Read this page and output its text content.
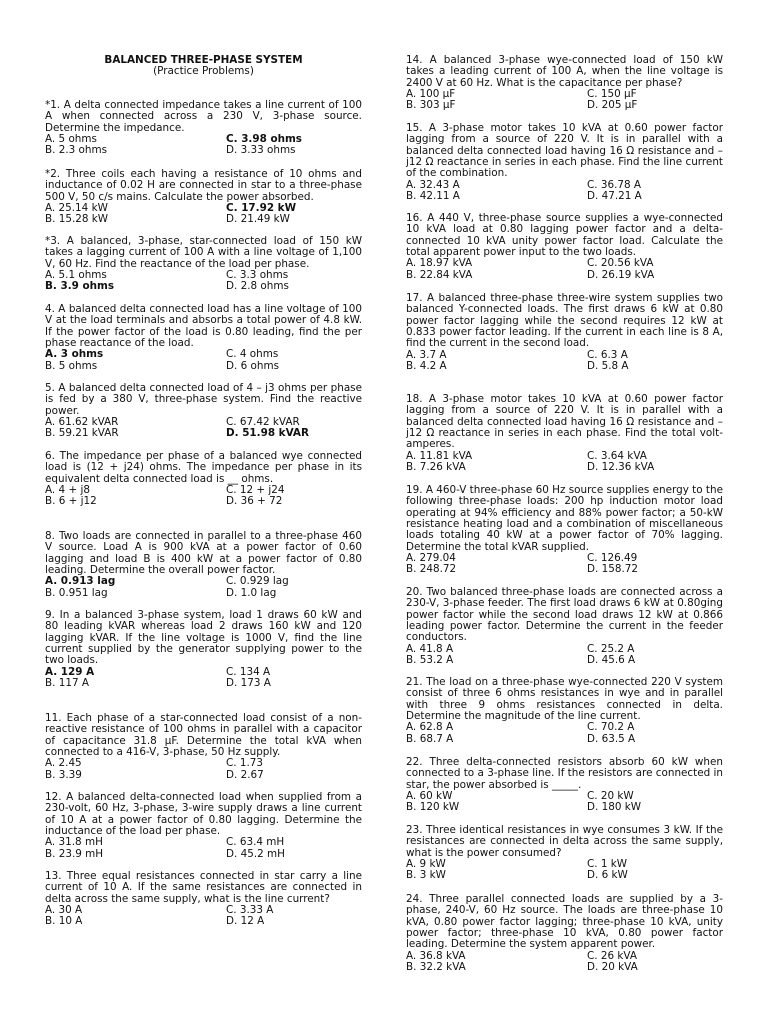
BALANCED THREE-PHASE SYSTEM
(Practice Problems)
*1. A delta connected impedance takes a line current of 100 A when connected across a 230 V, 3-phase source. Determine the impedance.
A. 5 ohms	C. 3.98 ohms
B. 2.3 ohms	D. 3.33 ohms
*2. Three coils each having a resistance of 10 ohms and inductance of 0.02 H are connected in star to a three-phase 500 V, 50 c/s mains. Calculate the power absorbed.
A. 25.14 kW	C. 17.92 kW
B. 15.28 kW	D. 21.49 kW
*3. A balanced, 3-phase, star-connected load of 150 kW takes a lagging current of 100 A with a line voltage of 1,100 V, 60 Hz. Find the reactance of the load per phase.
A. 5.1 ohms	C. 3.3 ohms
B. 3.9 ohms	D. 2.8 ohms
4. A balanced delta connected load has a line voltage of 100 V at the load terminals and absorbs a total power of 4.8 kW. If the power factor of the load is 0.80 leading, find the per phase reactance of the load.
A. 3 ohms	C. 4 ohms
B. 5 ohms	D. 6 ohms
5. A balanced delta connected load of 4 – j3 ohms per phase is fed by a 380 V, three-phase system. Find the reactive power.
A. 61.62 kVAR	C. 67.42 kVAR
B. 59.21 kVAR	D. 51.98 kVAR
6. The impedance per phase of a balanced wye connected load is (12 + j24) ohms. The impedance per phase in its equivalent delta connected load is __ ohms.
A. 4 + j8	C. 12 + j24
B. 6 + j12	D. 36 + 72
8. Two loads are connected in parallel to a three-phase 460 V source. Load A is 900 kVA at a power factor of 0.60 lagging and load B is 400 kW at a power factor of 0.80 leading. Determine the overall power factor.
A. 0.913 lag	C. 0.929 lag
B. 0.951 lag	D. 1.0 lag
9. In a balanced 3-phase system, load 1 draws 60 kW and 80 leading kVAR whereas load 2 draws 160 kW and 120 lagging kVAR. If the line voltage is 1000 V, find the line current supplied by the generator supplying power to the two loads.
A. 129 A	C. 134 A
B. 117 A	D. 173 A
11. Each phase of a star-connected load consist of a non-reactive resistance of 100 ohms in parallel with a capacitor of capacitance 31.8 μF. Determine the total kVA when connected to a 416-V, 3-phase, 50 Hz supply.
A. 2.45	C. 1.73
B. 3.39	D. 2.67
12. A balanced delta-connected load when supplied from a 230-volt, 60 Hz, 3-phase, 3-wire supply draws a line current of 10 A at a power factor of 0.80 lagging. Determine the inductance of the load per phase.
A. 31.8 mH	C. 63.4 mH
B. 23.9 mH	D. 45.2 mH
13. Three equal resistances connected in star carry a line current of 10 A. If the same resistances are connected in delta across the same supply, what is the line current?
A. 30 A	C. 3.33 A
B. 10 A	D. 12 A
14. A balanced 3-phase wye-connected load of 150 kW takes a leading current of 100 A, when the line voltage is 2400 V at 60 Hz. What is the capacitance per phase?
A. 100 μF	C. 150 μF
B. 303 μF	D. 205 μF
15. A 3-phase motor takes 10 kVA at 0.60 power factor lagging from a source of 220 V. It is in parallel with a balanced delta connected load having 16 Ω resistance and –j12 Ω reactance in series in each phase. Find the line current of the combination.
A. 32.43 A	C. 36.78 A
B. 42.11 A	D. 47.21 A
16. A 440 V, three-phase source supplies a wye-connected 10 kVA load at 0.80 lagging power factor and a delta-connected 10 kVA unity power factor load. Calculate the total apparent power input to the two loads.
A. 18.97 kVA	C. 20.56 kVA
B. 22.84 kVA	D. 26.19 kVA
17. A balanced three-phase three-wire system supplies two balanced Y-connected loads. The first draws 6 kW at 0.80 power factor lagging while the second requires 12 kW at 0.833 power factor leading. If the current in each line is 8 A, find the current in the second load.
A. 3.7 A	C. 6.3 A
B. 4.2 A	D. 5.8 A
18. A 3-phase motor takes 10 kVA at 0.60 power factor lagging from a source of 220 V. It is in parallel with a balanced delta connected load having 16 Ω resistance and –j12 Ω reactance in series in each phase. Find the total volt-amperes.
A. 11.81 kVA	C. 3.64 kVA
B. 7.26 kVA	D. 12.36 kVA
19. A 460-V three-phase 60 Hz source supplies energy to the following three-phase loads: 200 hp induction motor load operating at 94% efficiency and 88% power factor; a 50-kW resistance heating load and a combination of miscellaneous loads totaling 40 kW at a power factor of 70% lagging. Determine the total kVAR supplied.
A. 279.04	C. 126.49
B. 248.72	D. 158.72
20. Two balanced three-phase loads are connected across a 230-V, 3-phase feeder. The first load draws 6 kW at 0.80ging power factor while the second load draws 12 kW at 0.866 leading power factor. Determine the current in the feeder conductors.
A. 41.8 A	C. 25.2 A
B. 53.2 A	D. 45.6 A
21. The load on a three-phase wye-connected 220 V system consist of three 6 ohms resistances in wye and in parallel with three 9 ohms resistances connected in delta. Determine the magnitude of the line current.
A. 62.8 A	C. 70.2 A
B. 68.7 A	D. 63.5 A
22. Three delta-connected resistors absorb 60 kW when connected to a 3-phase line. If the resistors are connected in star, the power absorbed is _____.
A. 60 kW	C. 20 kW
B. 120 kW	D. 180 kW
23. Three identical resistances in wye consumes 3 kW. If the resistances are connected in delta across the same supply, what is the power consumed?
A. 9 kW	C. 1 kW
B. 3 kW	D. 6 kW
24. Three parallel connected loads are supplied by a 3-phase, 240-V, 60 Hz source. The loads are three-phase 10 kVA, 0.80 power factor lagging; three-phase 10 kVA, unity power factor; three-phase 10 kVA, 0.80 power factor leading. Determine the system apparent power.
A. 36.8 kVA	C. 26 kVA
B. 32.2 kVA	D. 20 kVA
